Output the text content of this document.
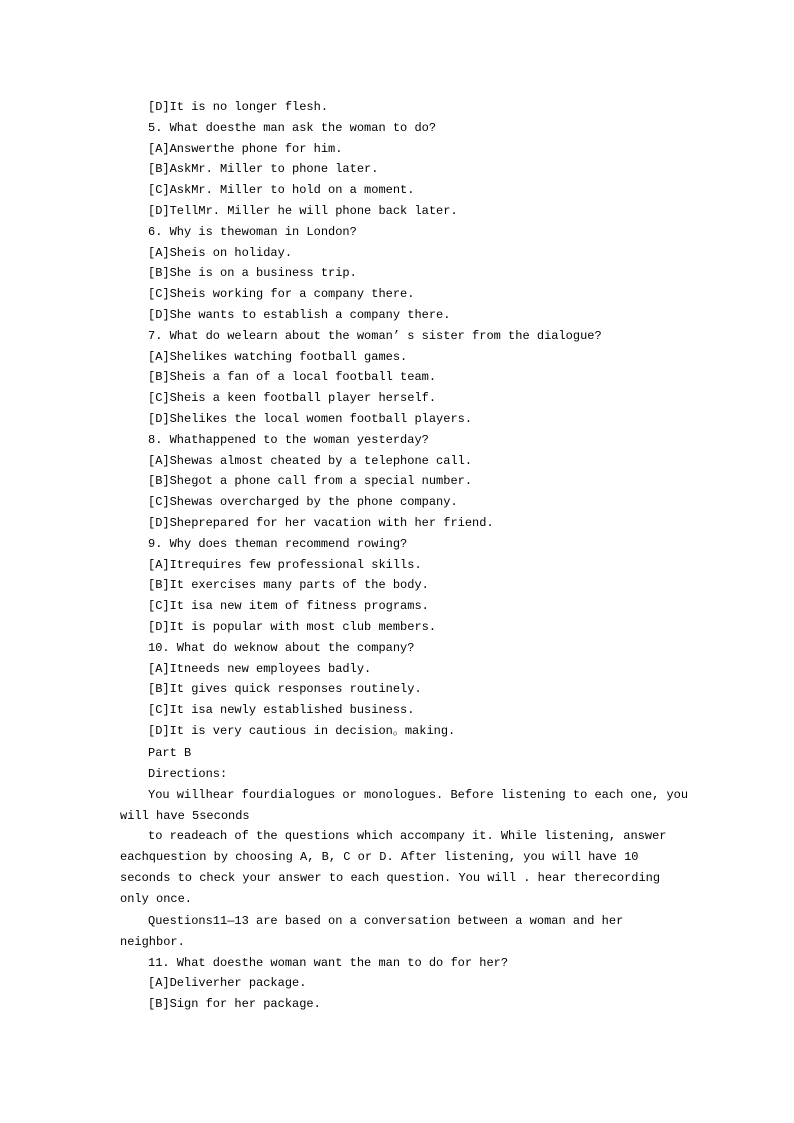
[D]It is no longer flesh.
5. What doesthe man ask the woman to do?
[A]Answerthe phone for him.
[B]AskMr. Miller to phone later.
[C]AskMr. Miller to hold on a moment.
[D]TellMr. Miller he will phone back later.
6. Why is thewoman in London?
[A]Sheis on holiday.
[B]She is on a business trip.
[C]Sheis working for a company there.
[D]She wants to establish a company there.
7. What do welearn about the woman’ s sister from the dialogue?
[A]Shelikes watching football games.
[B]Sheis a fan of a local football team.
[C]Sheis a keen football player herself.
[D]Shelikes the local women football players.
8. Whathappened to the woman yesterday?
[A]Shewas almost cheated by a telephone call.
[B]Shegot a phone call from a special number.
[C]Shewas overcharged by the phone company.
[D]Sheprepared for her vacation with her friend.
9. Why does theman recommend rowing?
[A]Itrequires few professional skills.
[B]It exercises many parts of the body.
[C]It isa new item of fitness programs.
[D]It is popular with most club members.
10. What do weknow about the company?
[A]Itneeds new employees badly.
[B]It gives quick responses routinely.
[C]It isa newly established business.
[D]It is very cautious in decision。making.
Part B
Directions:
You willhear fourdialogues or monologues. Before listening to each one, you
will have 5seconds
to readeach of the questions which accompany it. While listening, answer
eachquestion by choosing A, B, C or D. After listening, you will have 10
seconds to check your answer to each question. You will . hear therecording
only once.
Questions11—13 are based on a conversation between a woman and her
neighbor.
11. What doesthe woman want the man to do for her?
[A]Deliverher package.
[B]Sign for her package.
